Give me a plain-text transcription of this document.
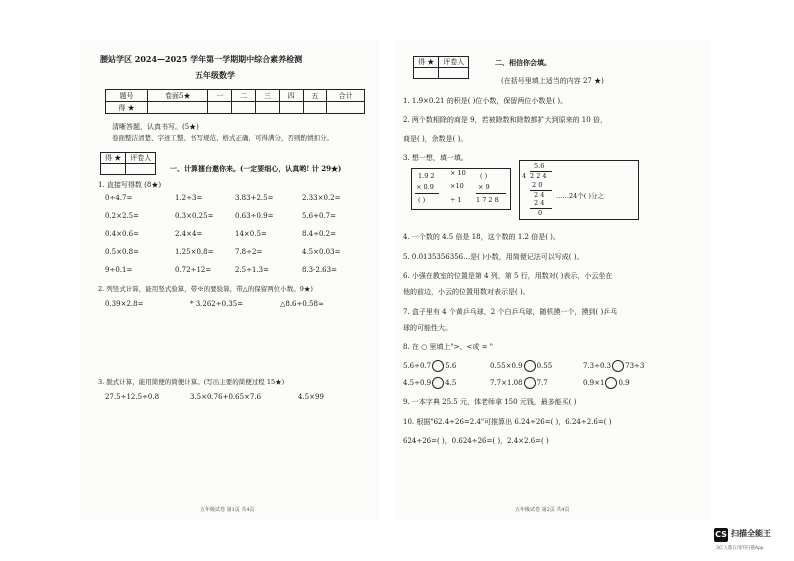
腰站学区 2024—2025 学年第一学期期中综合素养检测
五年级数学
题号	卷面5★	一	二	三	四	五	合计
得 ★							
清晰答题，认真书写。(5★)
卷面整洁清楚、字迹工整、书写规范、格式正确，可得满分，否则酌情扣分。
得 ★	评卷人

一、计算擂台邀你来。(一定要细心，认真哟! 计 29★)
1. 直接写得数 (8★)
0÷4.7=	1.2÷3=	3.83+2.5=	2.33×0.2=
0.2×2.5=	0.3×0.25=	0.63÷0.9=	5.6+0.7=
0.4×0.6=	2.4×4=	14×0.5=	8.4÷0.2=
0.5×0.8=	1.25×0.8=	7.8÷2=	4.5×0.03=
9÷0.1=	0.72÷12=	2.5÷1.3=	8.3-2.63=
2. 列竖式计算，能用竖式验算，带※的要验算，带△的保留两位小数。9★)
0.39×2.8=	* 3.262÷0.35=	△8.6÷0.58≈
3. 脱式计算，能用简便的简便计算。(写出主要的简便过程 15★)
27.5÷12.5÷0.8	3.5×0.76+0.65×7.6	4.5×99
五年级试卷 第1页 共4页
得 ★	评卷人
		二、相信你会填。
(在括号里填上适当的内容 27 ★)
1. 1.9×0.21 的积是( )位小数，保留两位小数是( )。
2. 两个数相除的商是 9，若被除数和除数都扩大到原来的 10 倍，
商是( )，余数是( )。
3. 想一想，填一填。
1.9 2
× 0.9
( )
× 10
×10
÷ 1
( )
× 9
1 7 2 8
5.6
4 2 2 4
2 0
2 4
2 4
0
……24个( )分之
4. 一个数的 4.5 倍是 18，这个数的 1.2 倍是( )。
5. 0.0135356356…是( )小数，用简便记法可以写成( )。
6. 小强在教室的位置是第 4 列，第 5 行，用数对( )表示，小云坐在
他的前边，小云的位置用数对表示是( )。
7. 盒子里有 4 个黄乒乓球，2 个白乒乓球，随机摸一个，摸到( )乒乓
球的可能性大。
8. 在 ○ 里填上">、<或 = "
5.6÷0.7 5.6	0.55×0.9 0.55	7.3÷0.3 73÷3
4.5÷0.9 4.5	7.7×1.08 7.7	0.9×1 0.9
9. 一本字典 25.5 元，体老师拿 150 元钱，最多能买( )
10. 根据"62.4÷26=2.4"可推算出 6.24÷26=( )，6.24÷2.6=( )
624÷26=( )，0.624÷26=( )，2.4×2.6=( )
五年级试卷 第2页 共4页
CS 扫描全能王
3亿人都在用的扫描App
